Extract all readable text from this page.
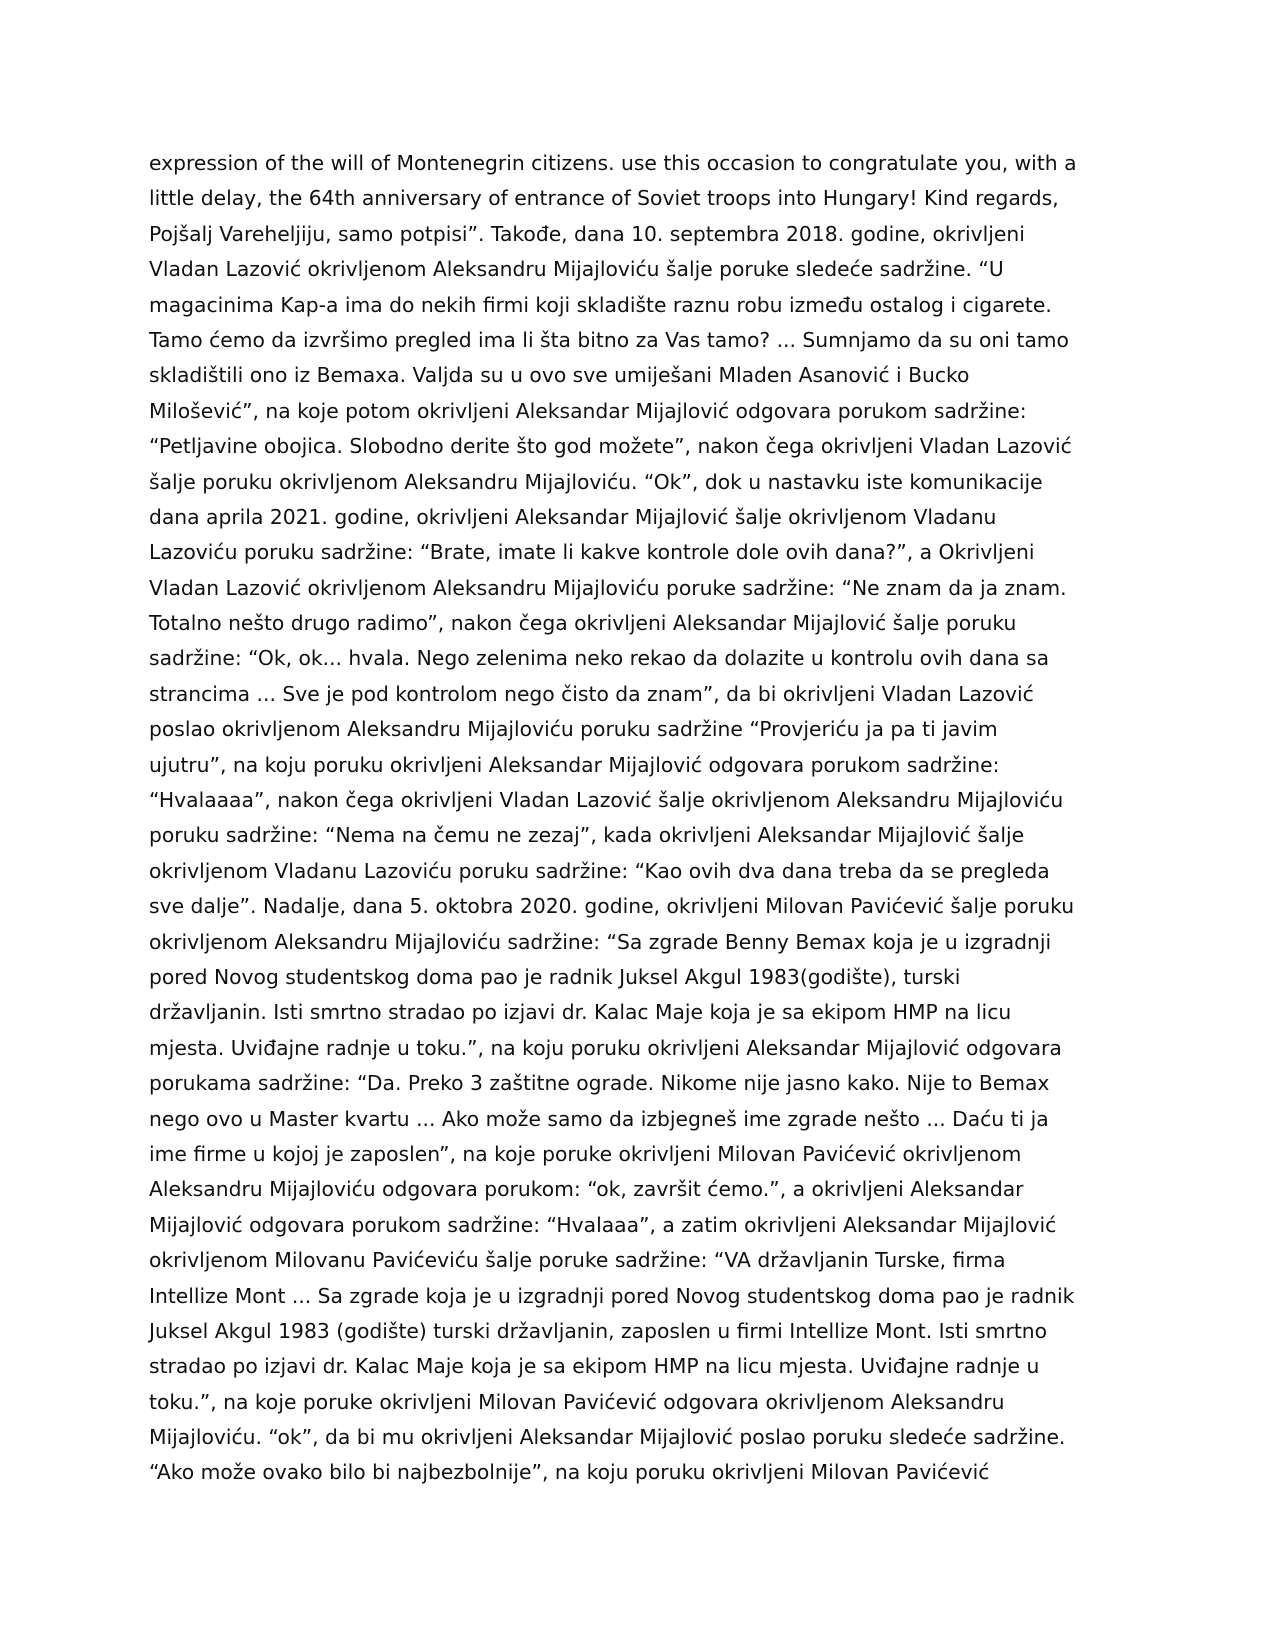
expression of the will of Montenegrin citizens. use this occasion to congratulate you, with a
little delay, the 64th anniversary of entrance of Soviet troops into Hungary! Kind regards,
Pojšalj Vareheljiju, samo potpisi”. Takođe, dana 10. septembra 2018. godine, okrivljeni
Vladan Lazović okrivljenom Aleksandru Mijajloviću šalje poruke sledeće sadržine. “U
magacinima Kap-a ima do nekih firmi koji skladište raznu robu između ostalog i cigarete.
Tamo ćemo da izvršimo pregled ima li šta bitno za Vas tamo? ... Sumnjamo da su oni tamo
skladištili ono iz Bemaxa. Valjda su u ovo sve umiješani Mladen Asanović i Bucko
Milošević”, na koje potom okrivljeni Aleksandar Mijajlović odgovara porukom sadržine:
“Petljavine obojica. Slobodno derite što god možete”, nakon čega okrivljeni Vladan Lazović
šalje poruku okrivljenom Aleksandru Mijajloviću. “Ok”, dok u nastavku iste komunikacije
dana aprila 2021. godine, okrivljeni Aleksandar Mijajlović šalje okrivljenom Vladanu
Lazoviću poruku sadržine: “Brate, imate li kakve kontrole dole ovih dana?”, a Okrivljeni
Vladan Lazović okrivljenom Aleksandru Mijajloviću poruke sadržine: “Ne znam da ja znam.
Totalno nešto drugo radimo”, nakon čega okrivljeni Aleksandar Mijajlović šalje poruku
sadržine: “Ok, ok... hvala. Nego zelenima neko rekao da dolazite u kontrolu ovih dana sa
strancima ... Sve je pod kontrolom nego čisto da znam”, da bi okrivljeni Vladan Lazović
poslao okrivljenom Aleksandru Mijajloviću poruku sadržine “Provjeriću ja pa ti javim
ujutru”, na koju poruku okrivljeni Aleksandar Mijajlović odgovara porukom sadržine:
“Hvalaaaa”, nakon čega okrivljeni Vladan Lazović šalje okrivljenom Aleksandru Mijajloviću
poruku sadržine: “Nema na čemu ne zezaj”, kada okrivljeni Aleksandar Mijajlović šalje
okrivljenom Vladanu Lazoviću poruku sadržine: “Kao ovih dva dana treba da se pregleda
sve dalje”. Nadalje, dana 5. oktobra 2020. godine, okrivljeni Milovan Pavićević šalje poruku
okrivljenom Aleksandru Mijajloviću sadržine: “Sa zgrade Benny Bemax koja je u izgradnji
pored Novog studentskog doma pao je radnik Juksel Akgul 1983(godište), turski
državljanin. Isti smrtno stradao po izjavi dr. Kalac Maje koja je sa ekipom HMP na licu
mjesta. Uviđajne radnje u toku.”, na koju poruku okrivljeni Aleksandar Mijajlović odgovara
porukama sadržine: “Da. Preko 3 zaštitne ograde. Nikome nije jasno kako. Nije to Bemax
nego ovo u Master kvartu ... Ako može samo da izbjegneš ime zgrade nešto ... Daću ti ja
ime firme u kojoj je zaposlen”, na koje poruke okrivljeni Milovan Pavićević okrivljenom
Aleksandru Mijajloviću odgovara porukom: “ok, završit ćemo.”, a okrivljeni Aleksandar
Mijajlović odgovara porukom sadržine: “Hvalaaa”, a zatim okrivljeni Aleksandar Mijajlović
okrivljenom Milovanu Pavićeviću šalje poruke sadržine: “VA državljanin Turske, firma
Intellize Mont ... Sa zgrade koja je u izgradnji pored Novog studentskog doma pao je radnik
Juksel Akgul 1983 (godište) turski državljanin, zaposlen u firmi Intellize Mont. Isti smrtno
stradao po izjavi dr. Kalac Maje koja je sa ekipom HMP na licu mjesta. Uviđajne radnje u
toku.”, na koje poruke okrivljeni Milovan Pavićević odgovara okrivljenom Aleksandru
Mijajloviću. “ok”, da bi mu okrivljeni Aleksandar Mijajlović poslao poruku sledeće sadržine.
“Ako može ovako bilo bi najbezbolnije”, na koju poruku okrivljeni Milovan Pavićević
